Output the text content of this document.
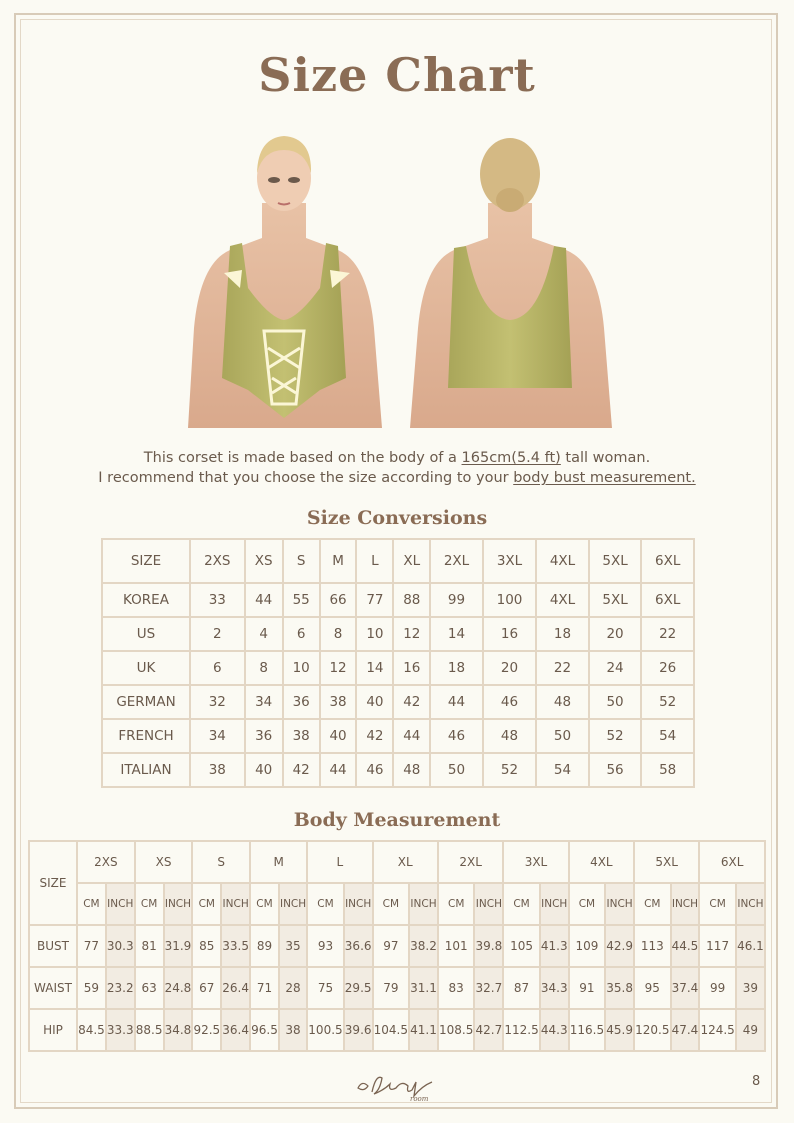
Size Chart
This corset is made based on the body of a 165cm(5.4 ft) tall woman.
I recommend that you choose the size according to your body bust measurement.
Size Conversions
SIZE	2XS	XS	S	M	L	XL	2XL	3XL	4XL	5XL	6XL
KOREA	33	44	55	66	77	88	99	100	4XL	5XL	6XL
US	2	4	6	8	10	12	14	16	18	20	22
UK	6	8	10	12	14	16	18	20	22	24	26
GERMAN	32	34	36	38	40	42	44	46	48	50	52
FRENCH	34	36	38	40	42	44	46	48	50	52	54
ITALIAN	38	40	42	44	46	48	50	52	54	56	58
Body Measurement
SIZE	2XS		XS		S		M		L		XL		2XL		3XL		4XL		5XL		6XL	
	CM	INCH	CM	INCH	CM	INCH	CM	INCH	CM	INCH	CM	INCH	CM	INCH	CM	INCH	CM	INCH	CM	INCH	CM	INCH
BUST	77	30.3	81	31.9	85	33.5	89	35	93	36.6	97	38.2	101	39.8	105	41.3	109	42.9	113	44.5	117	46.1
WAIST	59	23.2	63	24.8	67	26.4	71	28	75	29.5	79	31.1	83	32.7	87	34.3	91	35.8	95	37.4	99	39
HIP	84.5	33.3	88.5	34.8	92.5	36.4	96.5	38	100.5	39.6	104.5	41.1	108.5	42.7	112.5	44.3	116.5	45.9	120.5	47.4	124.5	49
room
8
